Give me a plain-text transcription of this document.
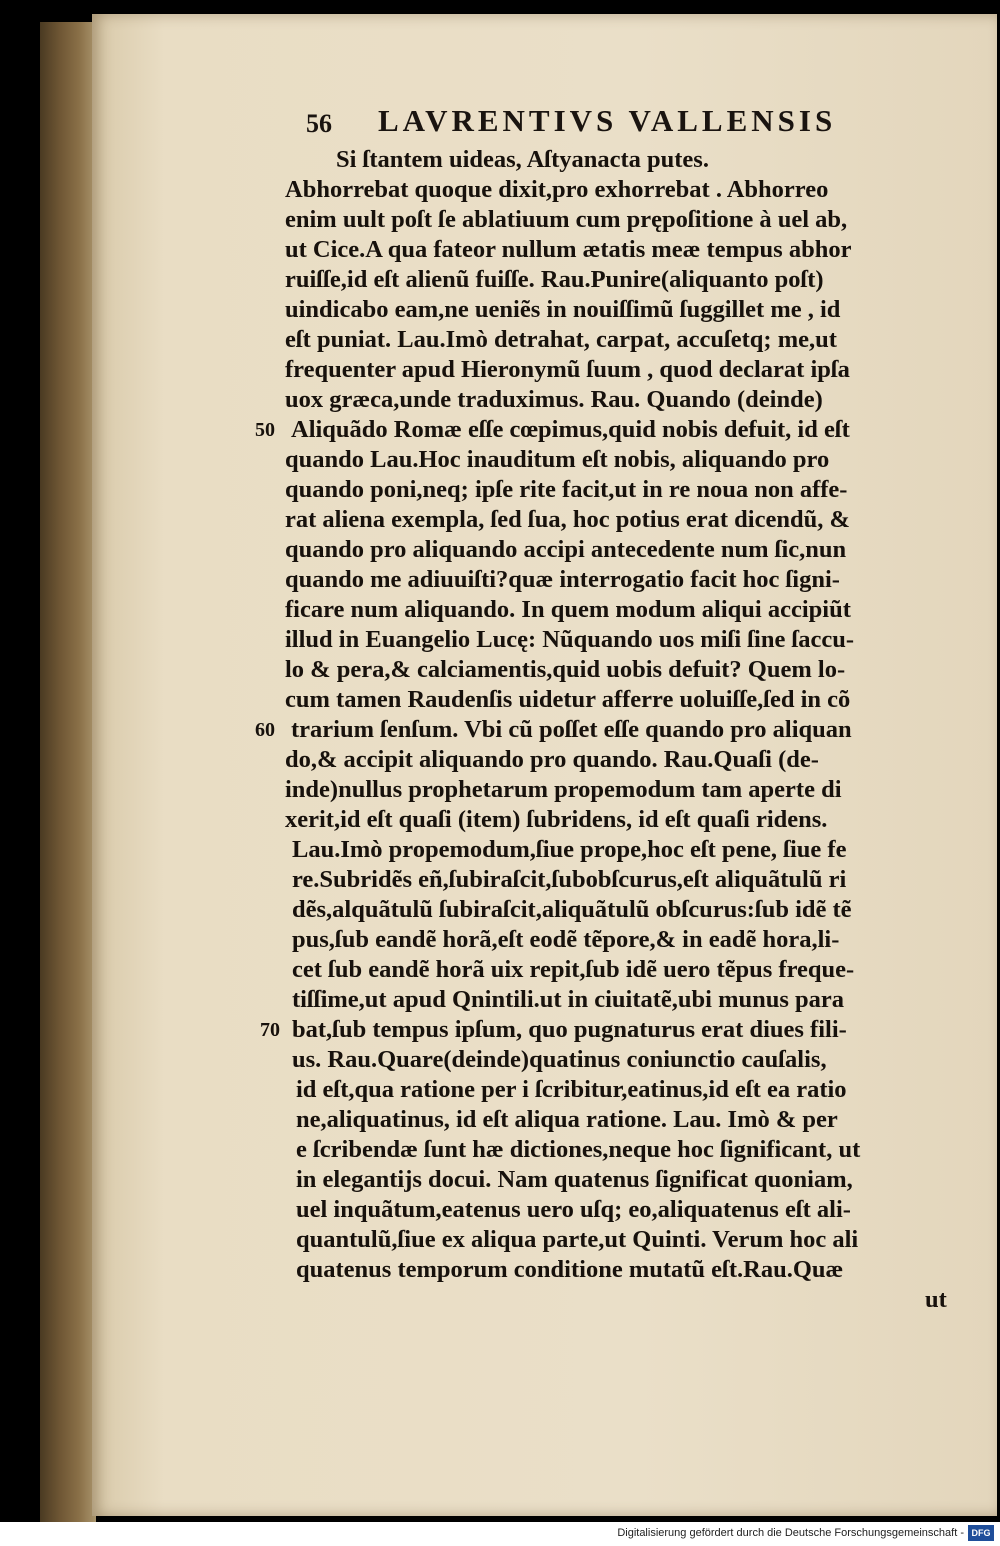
56 LAVRENTIVS VALLENSIS
Si ſtantem uideas, Aſtyanacta putes.
Abhorrebat quoque dixit,pro exhorrebat . Abhorreo
enim uult poſt ſe ablatiuum cum prępoſitione à uel ab,
ut Cice.A qua fateor nullum ætatis meæ tempus abhor
ruiſſe,id eſt alienũ fuiſſe. Rau.Punire(aliquanto poſt)
uindicabo eam,ne ueniẽs in nouiſſimũ ſuggillet me , id
eſt puniat. Lau.Imò detrahat, carpat, accuſetq; me,ut
frequenter apud Hieronymũ ſuum , quod declarat ipſa
uox græca,unde traduximus. Rau. Quando (deinde)
Aliquãdo Romæ eſſe cœpimus,quid nobis defuit, id eſt
quando Lau.Hoc inauditum eſt nobis, aliquando pro
quando poni,neq; ipſe rite facit,ut in re noua non affe-
rat aliena exempla, ſed ſua, hoc potius erat dicendũ, &
quando pro aliquando accipi antecedente num ſic,nun
quando me adiuuiſti?quæ interrogatio facit hoc ſigni-
ficare num aliquando. In quem modum aliqui accipiũt
illud in Euangelio Lucę: Nũquando uos miſi ſine ſaccu-
lo & pera,& calciamentis,quid uobis defuit? Quem lo-
cum tamen Raudenſis uidetur afferre uoluiſſe,ſed in cõ
trarium ſenſum. Vbi cũ poſſet eſſe quando pro aliquan
do,& accipit aliquando pro quando. Rau.Quaſi (de-
inde)nullus prophetarum propemodum tam aperte di
xerit,id eſt quaſi (item) ſubridens, id eſt quaſi ridens.
Lau.Imò propemodum,ſiue prope,hoc eſt pene, ſiue fe
re.Subridẽs eñ,ſubiraſcit,ſubobſcurus,eſt aliquãtulũ ri
dẽs,alquãtulũ ſubiraſcit,aliquãtulũ obſcurus:ſub idẽ tẽ
pus,ſub eandẽ horã,eſt eodẽ tẽpore,& in eadẽ hora,li-
cet ſub eandẽ horã uix repit,ſub idẽ uero tẽpus freque-
tiſſime,ut apud Qnintili.ut in ciuitatẽ,ubi munus para
bat,ſub tempus ipſum, quo pugnaturus erat diues fili-
us. Rau.Quare(deinde)quatinus coniunctio cauſalis,
id eſt,qua ratione per i ſcribitur,eatinus,id eſt ea ratio
ne,aliquatinus, id eſt aliqua ratione. Lau. Imò & per
e ſcribendæ ſunt hæ dictiones,neque hoc ſignificant, ut
in elegantijs docui. Nam quatenus ſignificat quoniam,
uel inquãtum,eatenus uero uſq; eo,aliquatenus eſt ali-
quantulũ,ſiue ex aliqua parte,ut Quinti. Verum hoc ali
quatenus temporum conditione mutatũ eſt.Rau.Quæ
ut
50
60
70
Digitalisierung gefördert durch die Deutsche Forschungsgemeinschaft - DFG
